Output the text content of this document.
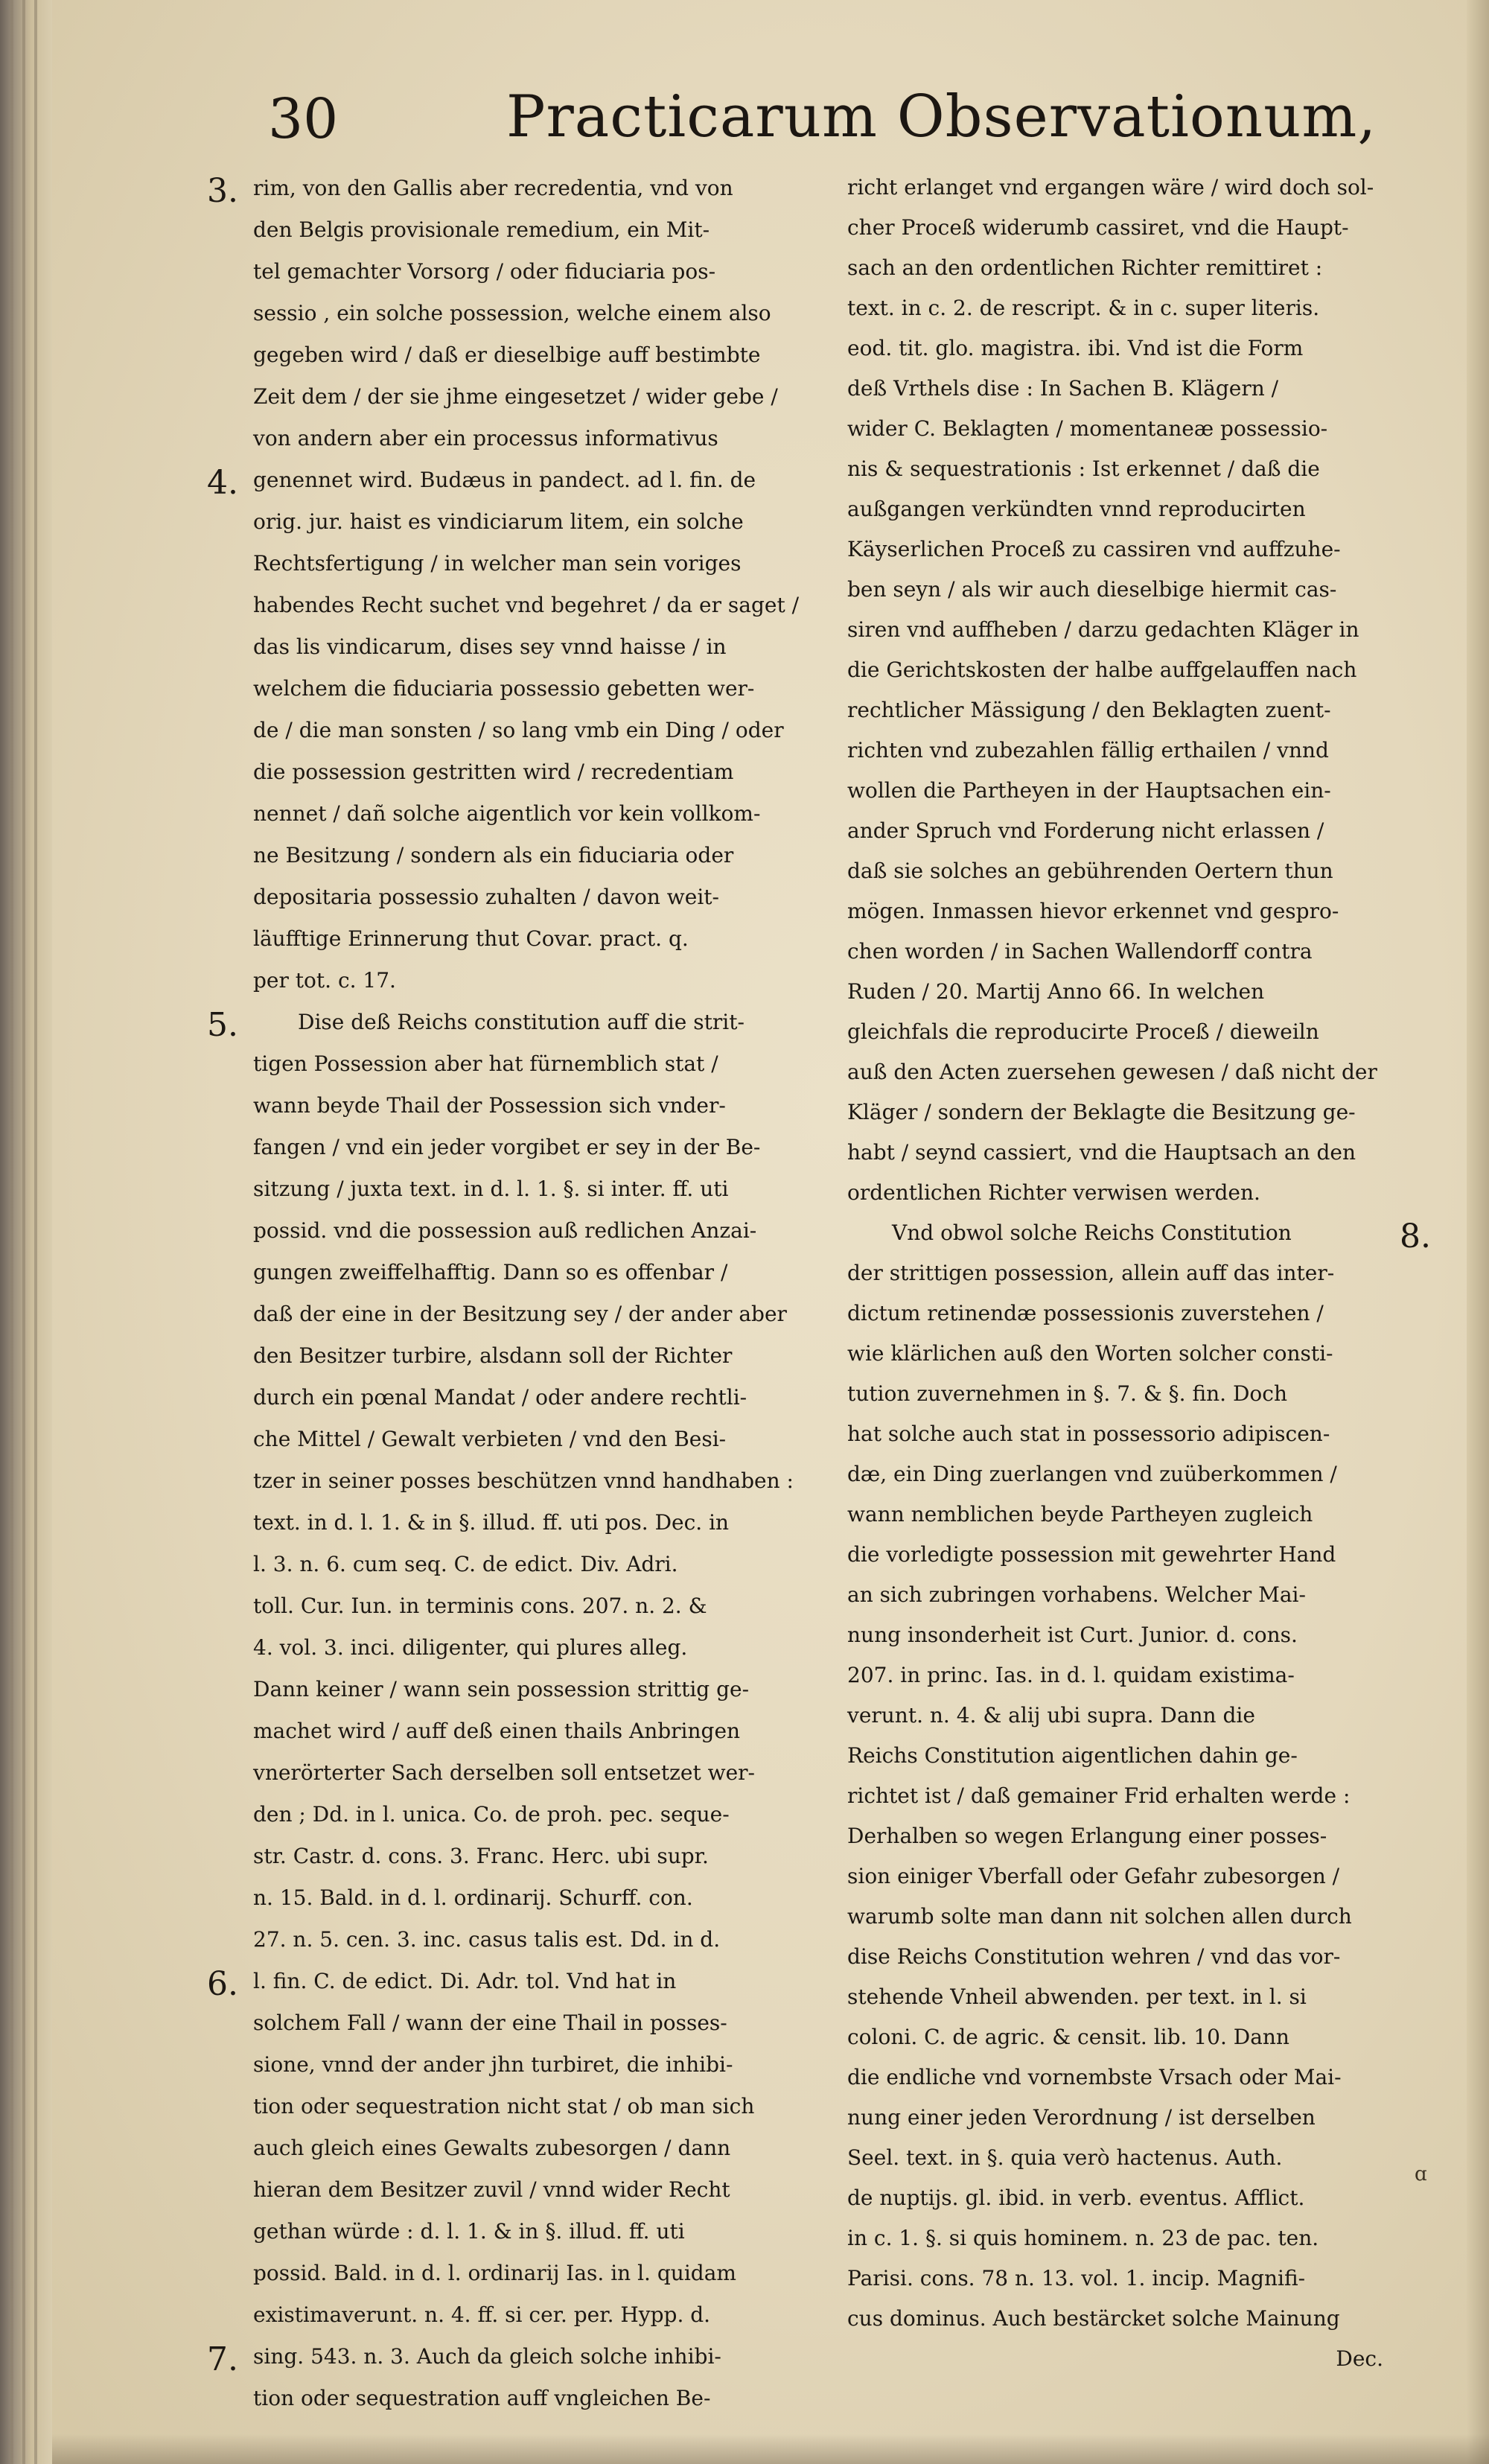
30	Practicarum Observationum,
3.
4.
5.
6.
8.
rim, von den Gallis aber recredentia, vnd von
den Belgis provisionale remedium, ein Mit-
tel gemachter Vorsorg / oder fiduciaria pos-
sessio , ein solche possession, welche einem also
gegeben wird / daß er dieselbige auff bestimbte
Zeit dem / der sie jhme eingesetzet / wider gebe /
von andern aber ein processus informativus
genennet wird. Budæus in pandect. ad l. fin. de
orig. jur. haist es vindiciarum litem, ein solche
Rechtsfertigung / in welcher man sein voriges
habendes Recht suchet vnd begehret / da er saget /
das lis vindicarum, dises sey vnnd haisse / in
welchem die fiduciaria possessio gebetten wer-
de / die man sonsten / so lang vmb ein Ding / oder
die possession gestritten wird / recredentiam
nennet / dañ solche aigentlich vor kein vollkom-
ne Besitzung / sondern als ein fiduciaria oder
depositaria possessio zuhalten / davon weit-
läufftige Erinnerung thut Covar. pract. q.
per tot. c. 17.
Dise deß Reichs constitution auff die strit-
tigen Possession aber hat fürnemblich stat /
wann beyde Thail der Possession sich vnder-
fangen / vnd ein jeder vorgibet er sey in der Be-
sitzung / juxta text. in d. l. 1. §. si inter. ff. uti
possid. vnd die possession auß redlichen Anzai-
gungen zweiffelhafftig. Dann so es offenbar /
daß der eine in der Besitzung sey / der ander aber
den Besitzer turbire, alsdann soll der Richter
durch ein pœnal Mandat / oder andere rechtli-
che Mittel / Gewalt verbieten / vnd den Besi-
tzer in seiner posses beschützen vnnd handhaben :
text. in d. l. 1. & in §. illud. ff. uti pos. Dec. in
l. 3. n. 6. cum seq. C. de edict. Div. Adri.
toll. Cur. Iun. in terminis cons. 207. n. 2. &
4. vol. 3. inci. diligenter, qui plures alleg.
Dann keiner / wann sein possession strittig ge-
machet wird / auff deß einen thails Anbringen
vnerörterter Sach derselben soll entsetzet wer-
den ; Dd. in l. unica. Co. de proh. pec. seque-
str. Castr. d. cons. 3. Franc. Herc. ubi supr.
n. 15. Bald. in d. l. ordinarij. Schurff. con.
27. n. 5. cen. 3. inc. casus talis est. Dd. in d.
l. fin. C. de edict. Di. Adr. tol. Vnd hat in
solchem Fall / wann der eine Thail in posses-
sione, vnnd der ander jhn turbiret, die inhibi-
tion oder sequestration nicht stat / ob man sich
auch gleich eines Gewalts zubesorgen / dann
hieran dem Besitzer zuvil / vnnd wider Recht
gethan würde : d. l. 1. & in §. illud. ff. uti
possid. Bald. in d. l. ordinarij Ias. in l. quidam
existimaverunt. n. 4. ff. si cer. per. Hypp. d.
sing. 543. n. 3. Auch da gleich solche inhibi-
tion oder sequestration auff vngleichen Be-
7.
richt erlanget vnd ergangen wäre / wird doch sol-
cher Proceß widerumb cassiret, vnd die Haupt-
sach an den ordentlichen Richter remittiret :
text. in c. 2. de rescript. & in c. super literis.
eod. tit. glo. magistra. ibi. Vnd ist die Form
deß Vrthels dise : In Sachen B. Klägern /
wider C. Beklagten / momentaneæ possessio-
nis & sequestrationis : Ist erkennet / daß die
außgangen verkündten vnnd reproducirten
Käyserlichen Proceß zu cassiren vnd auffzuhe-
ben seyn / als wir auch dieselbige hiermit cas-
siren vnd auffheben / darzu gedachten Kläger in
die Gerichtskosten der halbe auffgelauffen nach
rechtlicher Mässigung / den Beklagten zuent-
richten vnd zubezahlen fällig erthailen / vnnd
wollen die Partheyen in der Hauptsachen ein-
ander Spruch vnd Forderung nicht erlassen /
daß sie solches an gebührenden Oertern thun
mögen. Inmassen hievor erkennet vnd gespro-
chen worden / in Sachen Wallendorff contra
Ruden / 20. Martij Anno 66. In welchen
gleichfals die reproducirte Proceß / dieweiln
auß den Acten zuersehen gewesen / daß nicht der
Kläger / sondern der Beklagte die Besitzung ge-
habt / seynd cassiert, vnd die Hauptsach an den
ordentlichen Richter verwisen werden.
Vnd obwol solche Reichs Constitution
der strittigen possession, allein auff das inter-
dictum retinendæ possessionis zuverstehen /
wie klärlichen auß den Worten solcher consti-
tution zuvernehmen in §. 7. & §. fin. Doch
hat solche auch stat in possessorio adipiscen-
dæ, ein Ding zuerlangen vnd zuüberkommen /
wann nemblichen beyde Partheyen zugleich
die vorledigte possession mit gewehrter Hand
an sich zubringen vorhabens. Welcher Mai-
nung insonderheit ist Curt. Junior. d. cons.
207. in princ. Ias. in d. l. quidam existima-
verunt. n. 4. & alij ubi supra. Dann die
Reichs Constitution aigentlichen dahin ge-
richtet ist / daß gemainer Frid erhalten werde :
Derhalben so wegen Erlangung einer posses-
sion einiger Vberfall oder Gefahr zubesorgen /
warumb solte man dann nit solchen allen durch
dise Reichs Constitution wehren / vnd das vor-
stehende Vnheil abwenden. per text. in l. si
coloni. C. de agric. & censit. lib. 10. Dann
die endliche vnd vornembste Vrsach oder Mai-
nung einer jeden Verordnung / ist derselben
Seel. text. in §. quia verò hactenus. Auth.
de nuptijs. gl. ibid. in verb. eventus. Afflict.
in c. 1. §. si quis hominem. n. 23 de pac. ten.
Parisi. cons. 78 n. 13. vol. 1. incip. Magnifi-
cus dominus. Auch bestärcket solche Mainung
Dec.
ɑ
